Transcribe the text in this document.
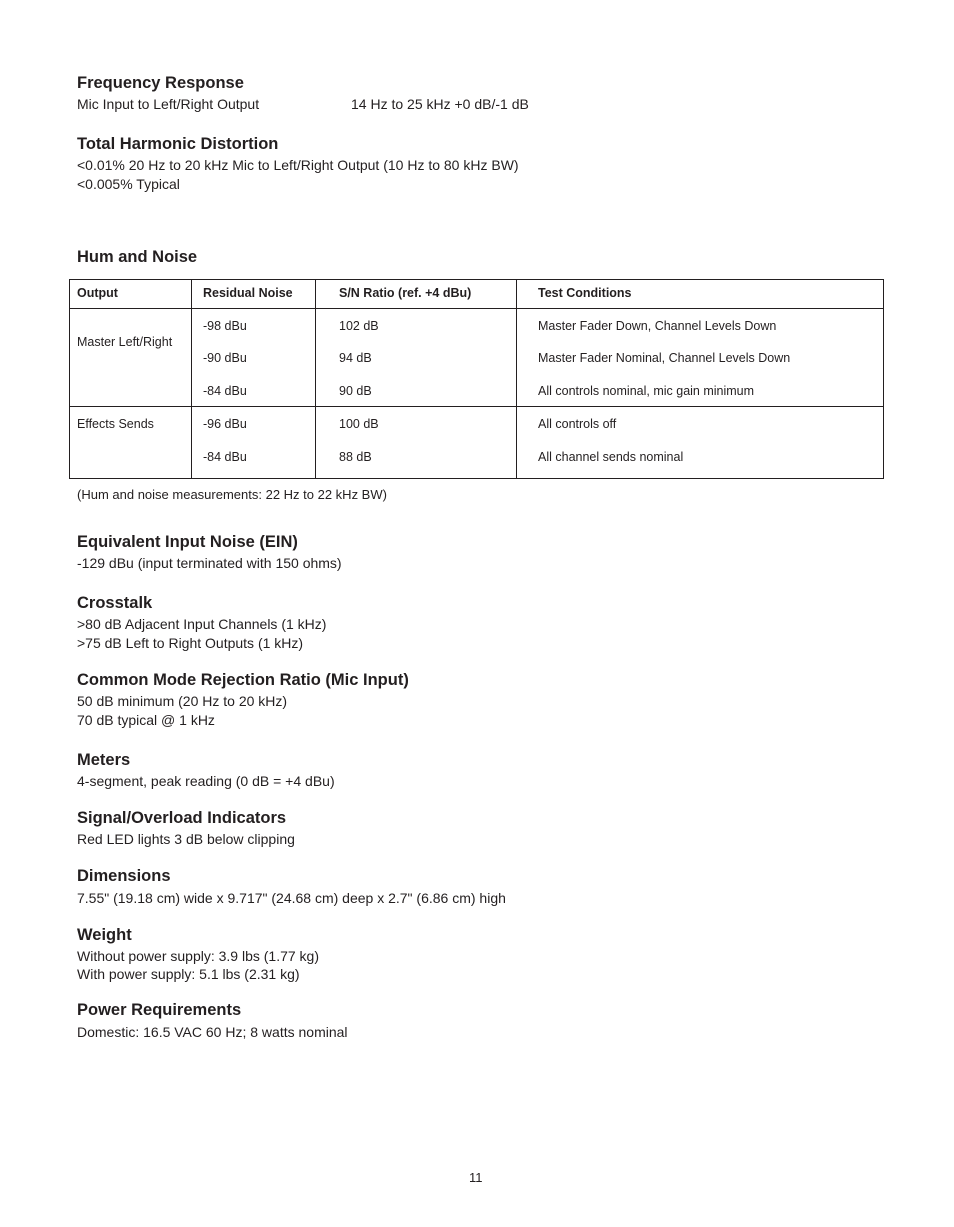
Frequency Response
Mic Input to Left/Right Output	14 Hz to 25 kHz +0 dB/-1 dB
Total Harmonic Distortion
<0.01% 20 Hz to 20 kHz Mic to Left/Right Output (10 Hz to 80 kHz BW)
<0.005% Typical
Hum and Noise
Output	Residual Noise	S/N Ratio (ref. +4 dBu)	Test Conditions
Master Left/Right
-98 dBu	102 dB	Master Fader Down, Channel Levels Down
-90 dBu	94 dB	Master Fader Nominal, Channel Levels Down
-84 dBu	90 dB	All controls nominal, mic gain minimum
Effects Sends	-96 dBu	100 dB	All controls off
-84 dBu	88 dB	All channel sends nominal
(Hum and noise measurements: 22 Hz to 22 kHz BW)
Equivalent Input Noise (EIN)
-129 dBu (input terminated with 150 ohms)
Crosstalk
>80 dB Adjacent Input Channels (1 kHz)
>75 dB Left to Right Outputs (1 kHz)
Common Mode Rejection Ratio (Mic Input)
50 dB minimum (20 Hz to 20 kHz)
70 dB typical @ 1 kHz
Meters
4-segment, peak reading (0 dB = +4 dBu)
Signal/Overload Indicators
Red LED lights 3 dB below clipping
Dimensions
7.55" (19.18 cm) wide x 9.717" (24.68 cm) deep x 2.7" (6.86 cm) high
Weight
Without power supply: 3.9 lbs (1.77 kg)
With power supply: 5.1 lbs (2.31 kg)
Power Requirements
Domestic: 16.5 VAC 60 Hz; 8 watts nominal
11
